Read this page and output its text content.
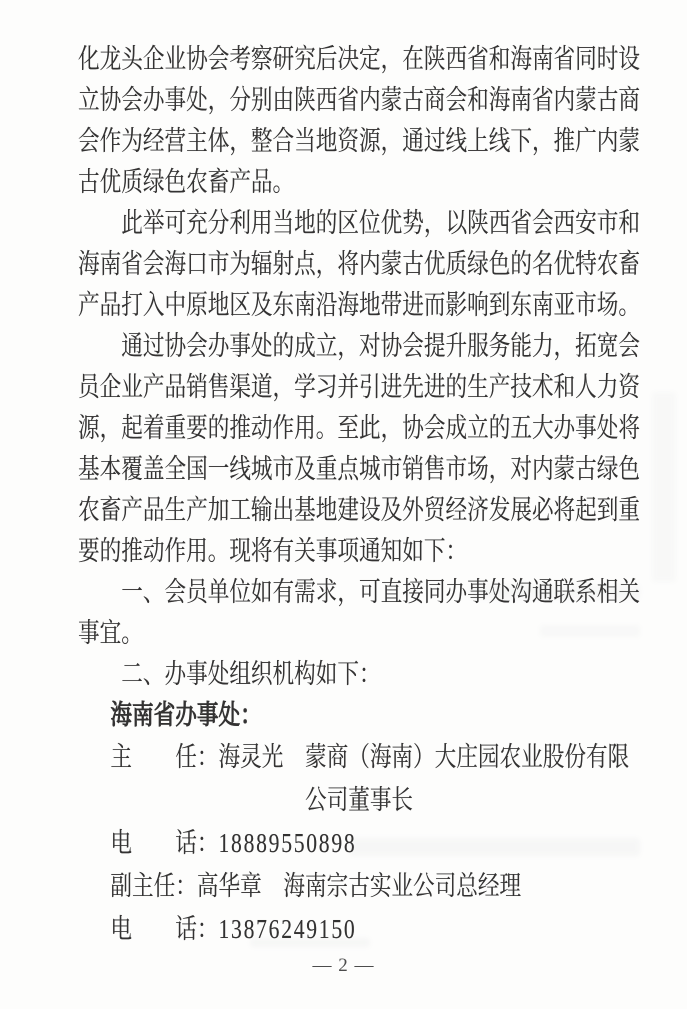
化龙头企业协会考察研究后决定，在陕西省和海南省同时设立协会办事处，分别由陕西省内蒙古商会和海南省内蒙古商会作为经营主体，整合当地资源，通过线上线下，推广内蒙古优质绿色农畜产品。

此举可充分利用当地的区位优势，以陕西省会西安市和海南省会海口市为辐射点，将内蒙古优质绿色的名优特农畜产品打入中原地区及东南沿海地带进而影响到东南亚市场。

通过协会办事处的成立，对协会提升服务能力，拓宽会员企业产品销售渠道，学习并引进先进的生产技术和人力资源，起着重要的推动作用。至此，协会成立的五大办事处将基本覆盖全国一线城市及重点城市销售市场，对内蒙古绿色农畜产品生产加工输出基地建设及外贸经济发展必将起到重要的推动作用。现将有关事项通知如下：

一、会员单位如有需求，可直接同办事处沟通联系相关事宜。

二、办事处组织机构如下：

海南省办事处：
主　　任：海灵光　蒙商（海南）大庄园农业股份有限
公司董事长
电　　话：18889550898
副主任：高华章　海南宗古实业公司总经理
电　　话：13876249150
— 2 —
